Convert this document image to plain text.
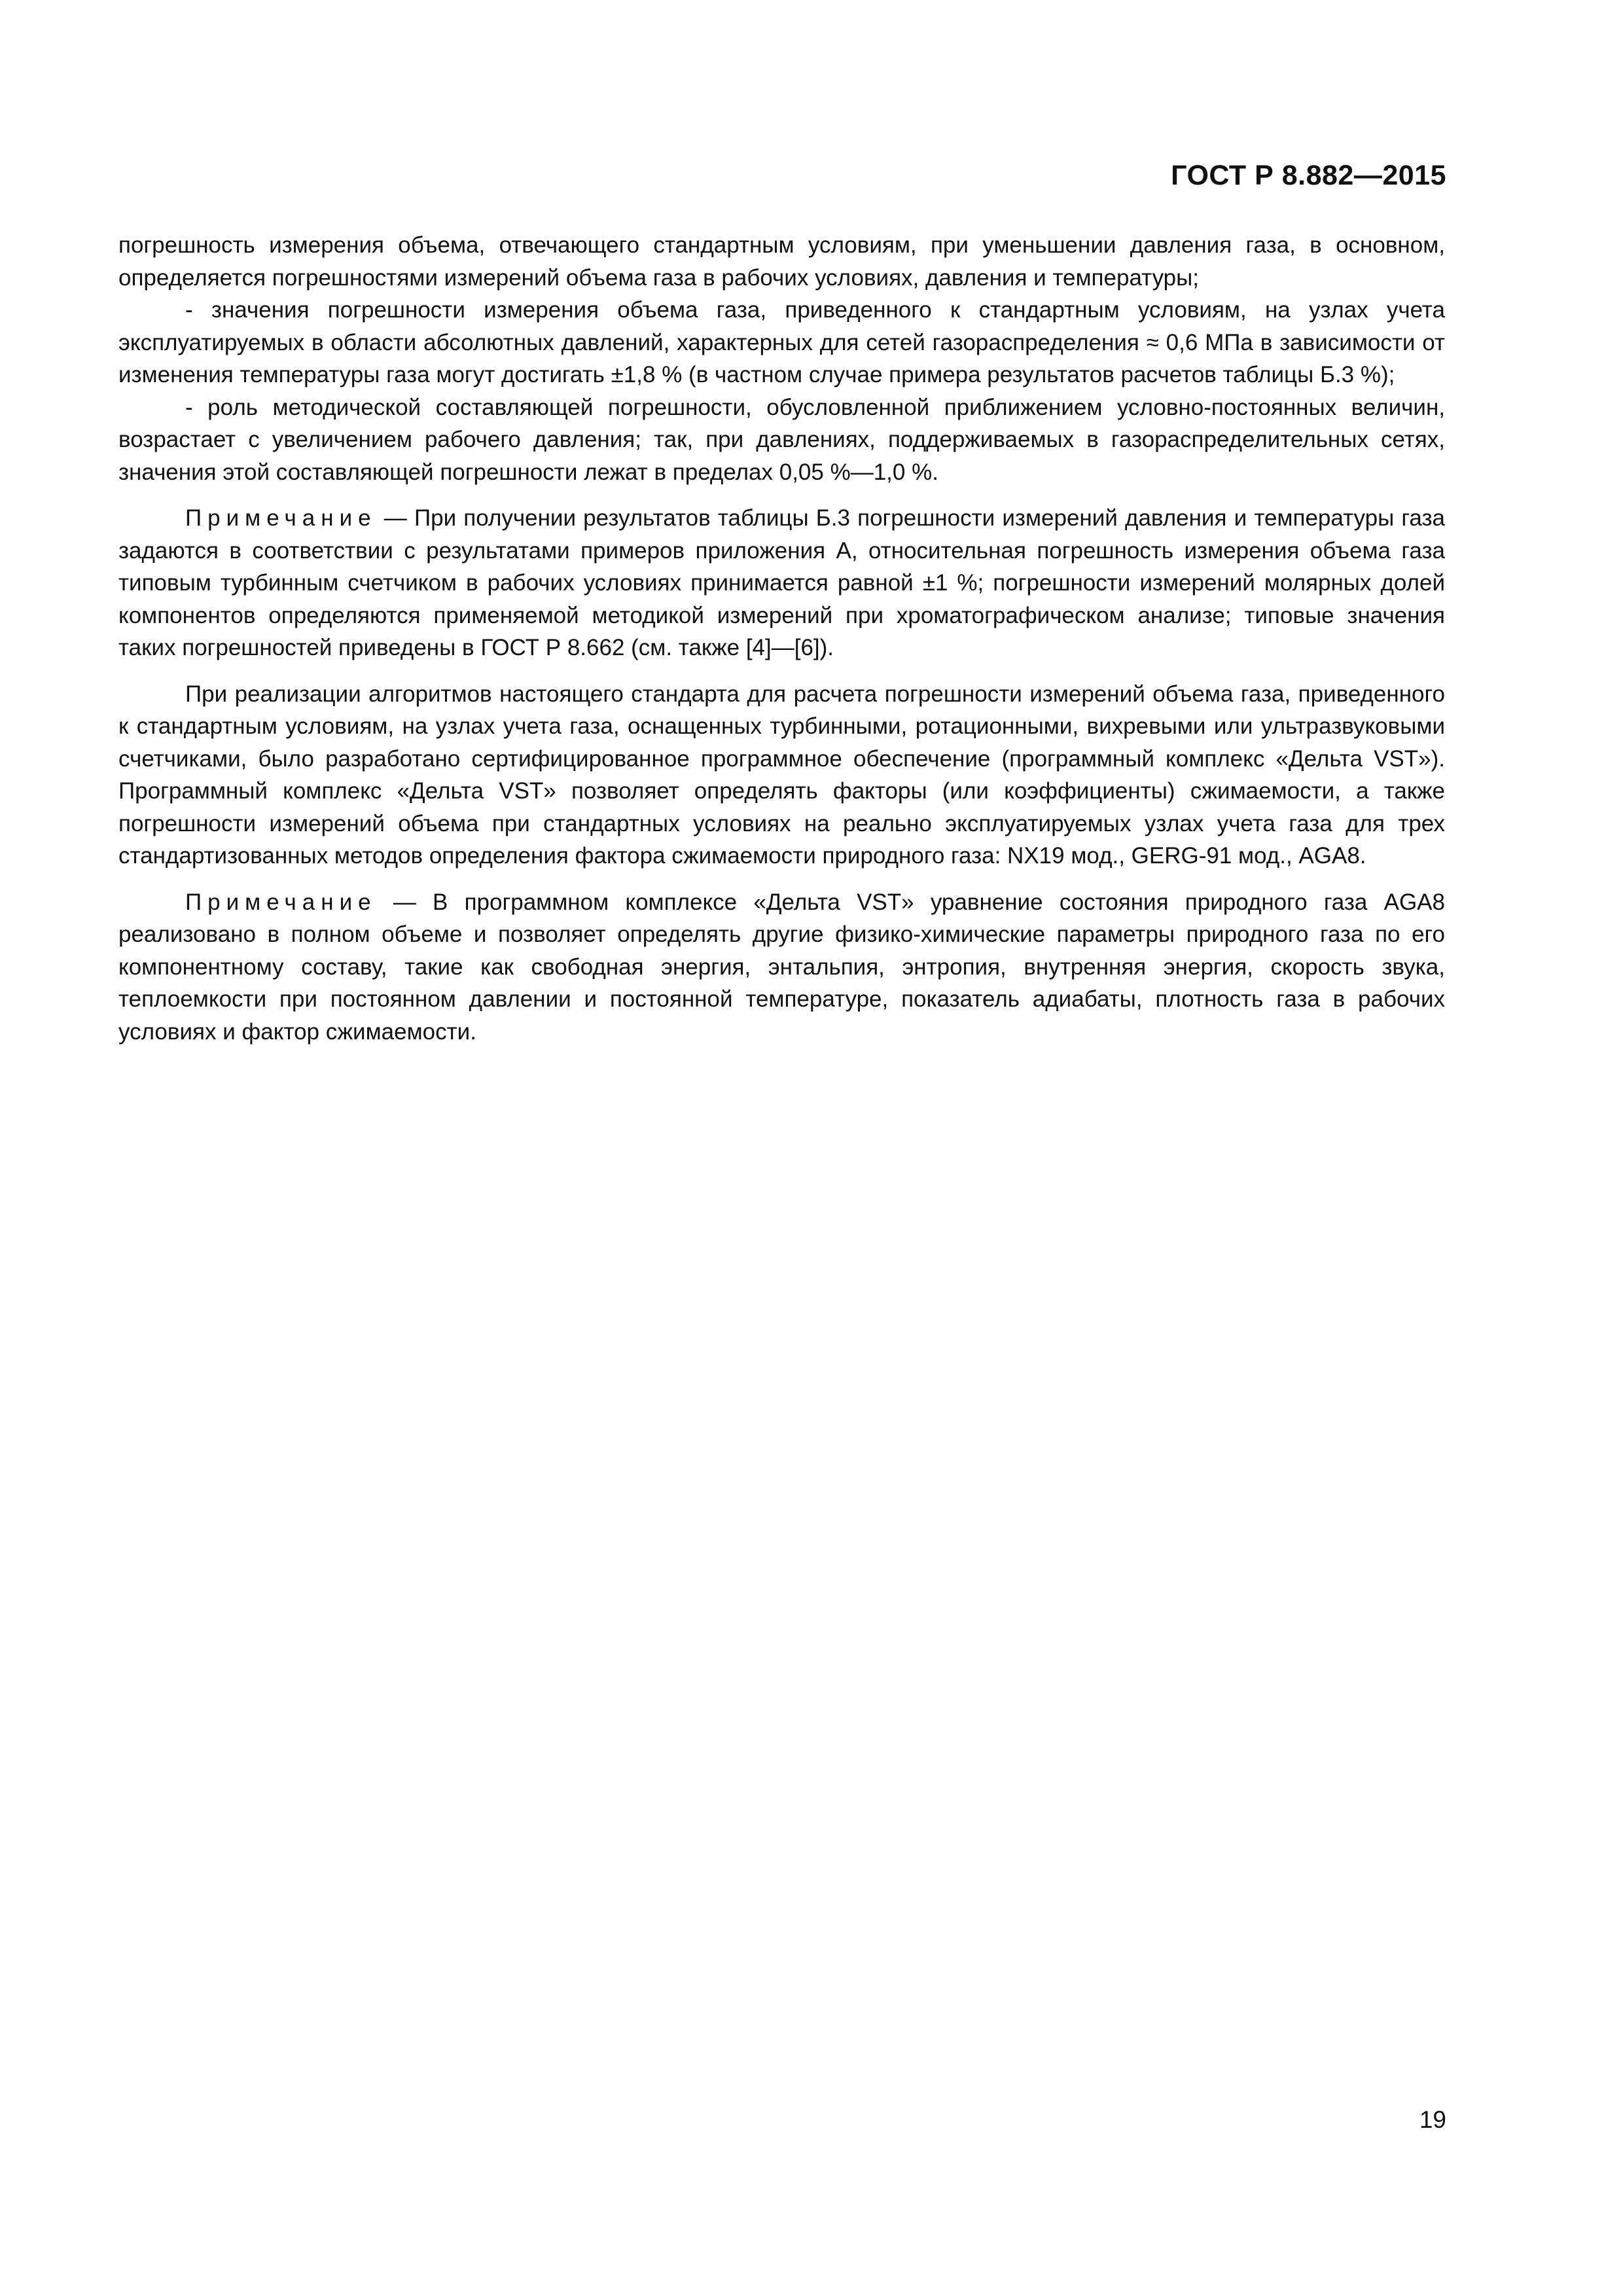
ГОСТ Р 8.882—2015

погрешность измерения объема, отвечающего стандартным условиям, при уменьшении давления газа, в основном, определяется погрешностями измерений объема газа в рабочих условиях, давления и температуры;

- значения погрешности измерения объема газа, приведенного к стандартным условиям, на узлах учета эксплуатируемых в области абсолютных давлений, характерных для сетей газораспределения ≈ 0,6 МПа в зависимости от изменения температуры газа могут достигать ±1,8 % (в частном случае примера результатов расчетов таблицы Б.3 %);

- роль методической составляющей погрешности, обусловленной приближением условно-постоянных величин, возрастает с увеличением рабочего давления; так, при давлениях, поддерживаемых в газораспределительных сетях, значения этой составляющей погрешности лежат в пределах 0,05 %—1,0 %.

Примечание — При получении результатов таблицы Б.3 погрешности измерений давления и температуры газа задаются в соответствии с результатами примеров приложения А, относительная погрешность измерения объема газа типовым турбинным счетчиком в рабочих условиях принимается равной ±1 %; погрешности измерений молярных долей компонентов определяются применяемой методикой измерений при хроматографическом анализе; типовые значения таких погрешностей приведены в ГОСТ Р 8.662 (см. также [4]—[6]).

При реализации алгоритмов настоящего стандарта для расчета погрешности измерений объема газа, приведенного к стандартным условиям, на узлах учета газа, оснащенных турбинными, ротационными, вихревыми или ультразвуковыми счетчиками, было разработано сертифицированное программное обеспечение (программный комплекс «Дельта VST»). Программный комплекс «Дельта VST» позволяет определять факторы (или коэффициенты) сжимаемости, а также погрешности измерений объема при стандартных условиях на реально эксплуатируемых узлах учета газа для трех стандартизованных методов определения фактора сжимаемости природного газа: NX19 мод., GERG-91 мод., AGA8.

Примечание — В программном комплексе «Дельта VST» уравнение состояния природного газа AGA8 реализовано в полном объеме и позволяет определять другие физико-химические параметры природного газа по его компонентному составу, такие как свободная энергия, энтальпия, энтропия, внутренняя энергия, скорость звука, теплоемкости при постоянном давлении и постоянной температуре, показатель адиабаты, плотность газа в рабочих условиях и фактор сжимаемости.

19
